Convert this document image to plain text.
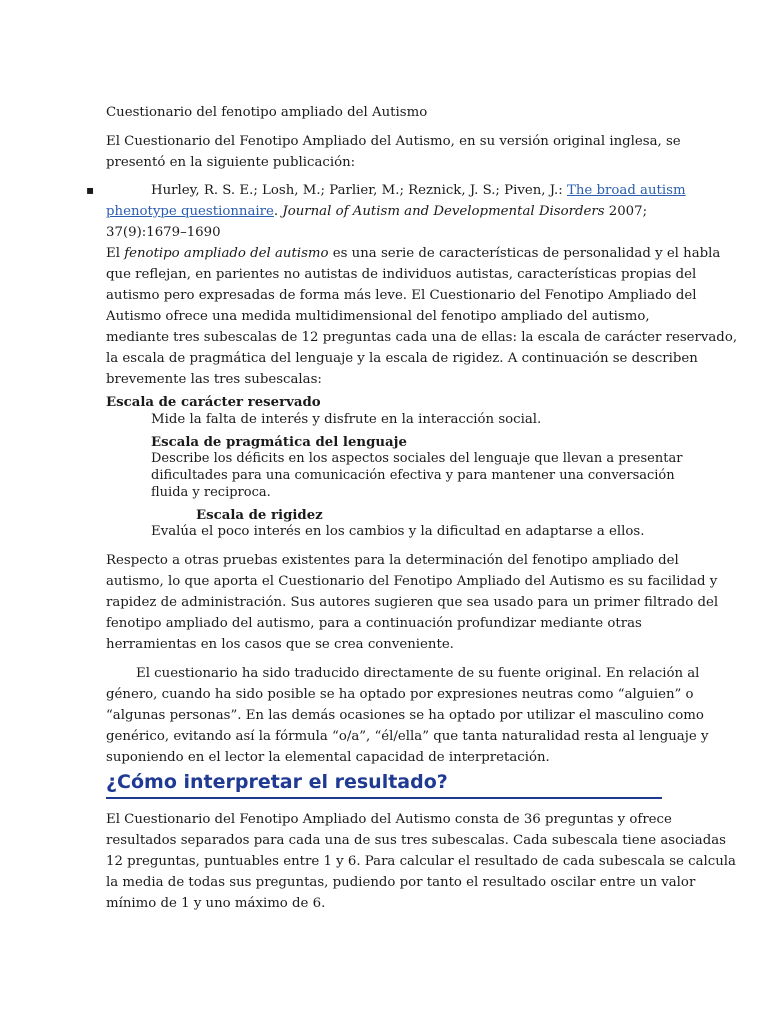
Cuestionario del fenotipo ampliado del Autismo
El Cuestionario del Fenotipo Ampliado del Autismo, en su versión original inglesa, se
presentó en la siguiente publicación:
▪	Hurley, R. S. E.; Losh, M.; Parlier, M.; Reznick, J. S.; Piven, J.: The broad autism
phenotype questionnaire. Journal of Autism and Developmental Disorders 2007;
37(9):1679–1690
El fenotipo ampliado del autismo es una serie de características de personalidad y el habla
que reflejan, en parientes no autistas de individuos autistas, características propias del
autismo pero expresadas de forma más leve. El Cuestionario del Fenotipo Ampliado del
Autismo ofrece una medida multidimensional del fenotipo ampliado del autismo,
mediante tres subescalas de 12 preguntas cada una de ellas: la escala de carácter reservado,
la escala de pragmática del lenguaje y la escala de rigidez. A continuación se describen
brevemente las tres subescalas:
Escala de carácter reservado
Mide la falta de interés y disfrute en la interacción social.
Escala de pragmática del lenguaje
Describe los déficits en los aspectos sociales del lenguaje que llevan a presentar
dificultades para una comunicación efectiva y para mantener una conversación
fluida y reciproca.
Escala de rigidez
Evalúa el poco interés en los cambios y la dificultad en adaptarse a ellos.
Respecto a otras pruebas existentes para la determinación del fenotipo ampliado del
autismo, lo que aporta el Cuestionario del Fenotipo Ampliado del Autismo es su facilidad y
rapidez de administración. Sus autores sugieren que sea usado para un primer filtrado del
fenotipo ampliado del autismo, para a continuación profundizar mediante otras
herramientas en los casos que se crea conveniente.
El cuestionario ha sido traducido directamente de su fuente original. En relación al
género, cuando ha sido posible se ha optado por expresiones neutras como “alguien” o
“algunas personas”. En las demás ocasiones se ha optado por utilizar el masculino como
genérico, evitando así la fórmula “o/a”, “él/ella” que tanta naturalidad resta al lenguaje y
suponiendo en el lector la elemental capacidad de interpretación.
¿Cómo interpretar el resultado?
El Cuestionario del Fenotipo Ampliado del Autismo consta de 36 preguntas y ofrece
resultados separados para cada una de sus tres subescalas. Cada subescala tiene asociadas
12 preguntas, puntuables entre 1 y 6. Para calcular el resultado de cada subescala se calcula
la media de todas sus preguntas, pudiendo por tanto el resultado oscilar entre un valor
mínimo de 1 y uno máximo de 6.
